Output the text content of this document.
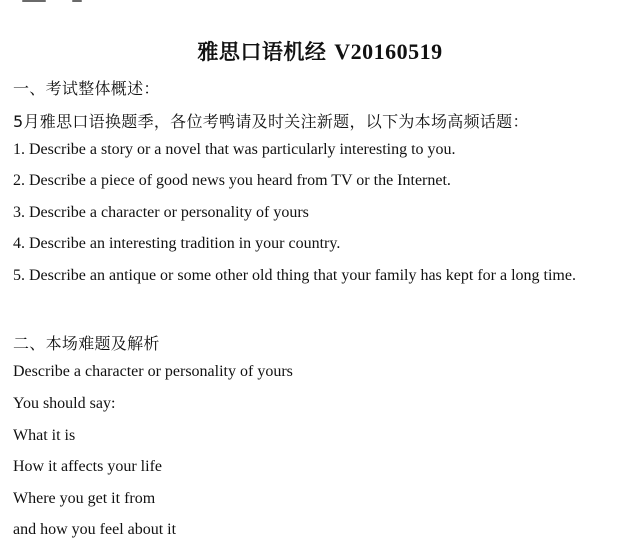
雅思口语机经 V20160519
一、考试整体概述：
5月雅思口语换题季，各位考鸭请及时关注新题，以下为本场高频话题：
1. Describe a story or a novel that was particularly interesting to you.
2. Describe a piece of good news you heard from TV or the Internet.
3. Describe a character or personality of yours
4. Describe an interesting tradition in your country.
5. Describe an antique or some other old thing that your family has kept for a long time.
二、本场难题及解析
Describe a character or personality of yours
You should say:
What it is
How it affects your life
Where you get it from
and how you feel about it
